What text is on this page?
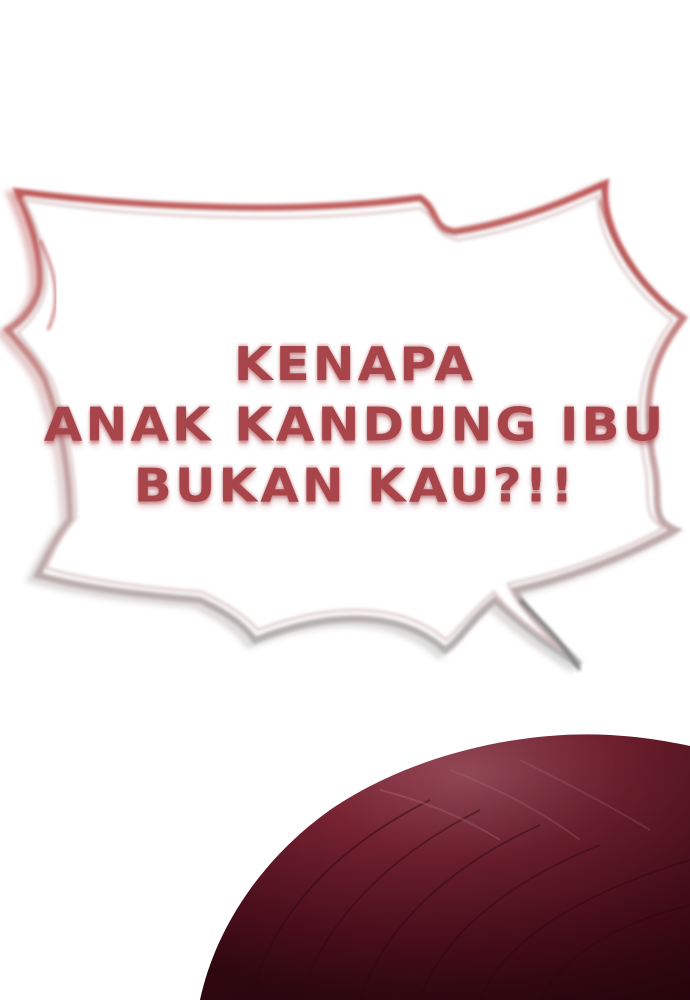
KENAPA
ANAK KANDUNG IBU
BUKAN KAU?!!
